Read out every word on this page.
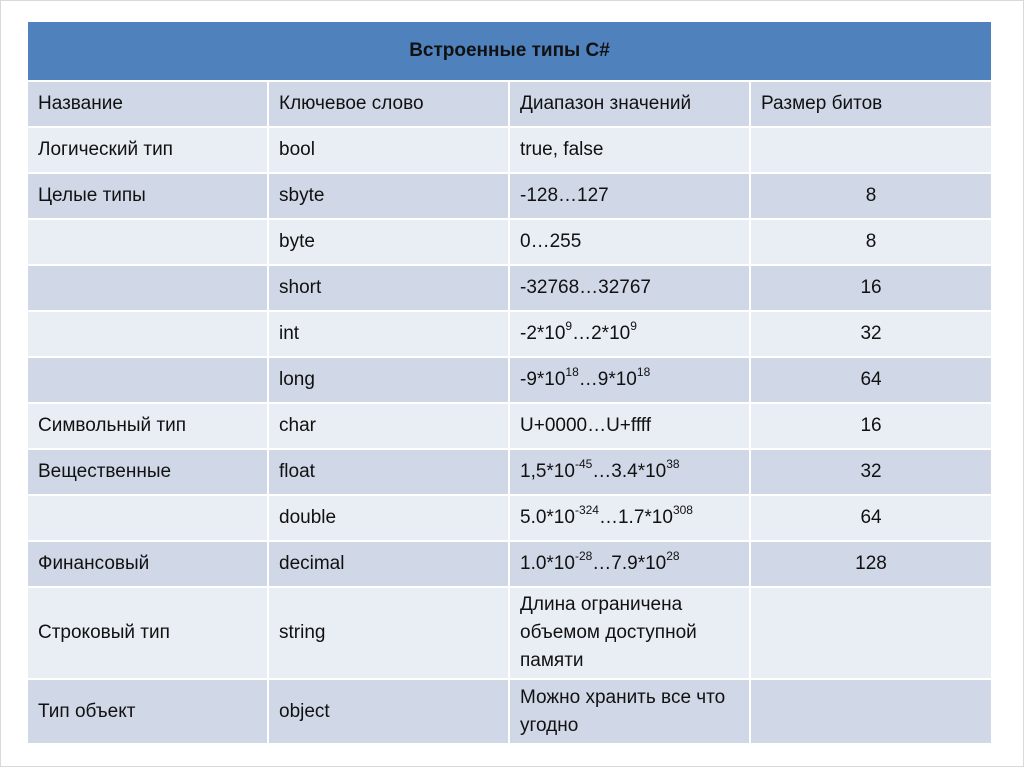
Встроенные типы C#			
Название	Ключевое слово	Диапазон значений	Размер битов
Логический тип	bool	true, false	
Целые типы	sbyte	-128…127	8
	byte	0…255	8
	short	-32768…32767	16
	int	$-2*10^9\dots 2*10^9$	32
	long	$-9*10^{18}\dots 9*10^{18}$	64
Символьный тип	char	U+0000…U+ffff	16
Вещественные	float	$1,5*10^{-45}\dots 3.4*10^{38}$	32
	double	$5.0*10^{-324}\dots 1.7*10^{308}$	64
Финансовый	decimal	$1.0*10^{-28}\dots 7.9*10^{28}$	128
Строковый тип	string	Длина ограничена объемом доступной памяти	
Тип объект	object	Можно хранить все что угодно	
